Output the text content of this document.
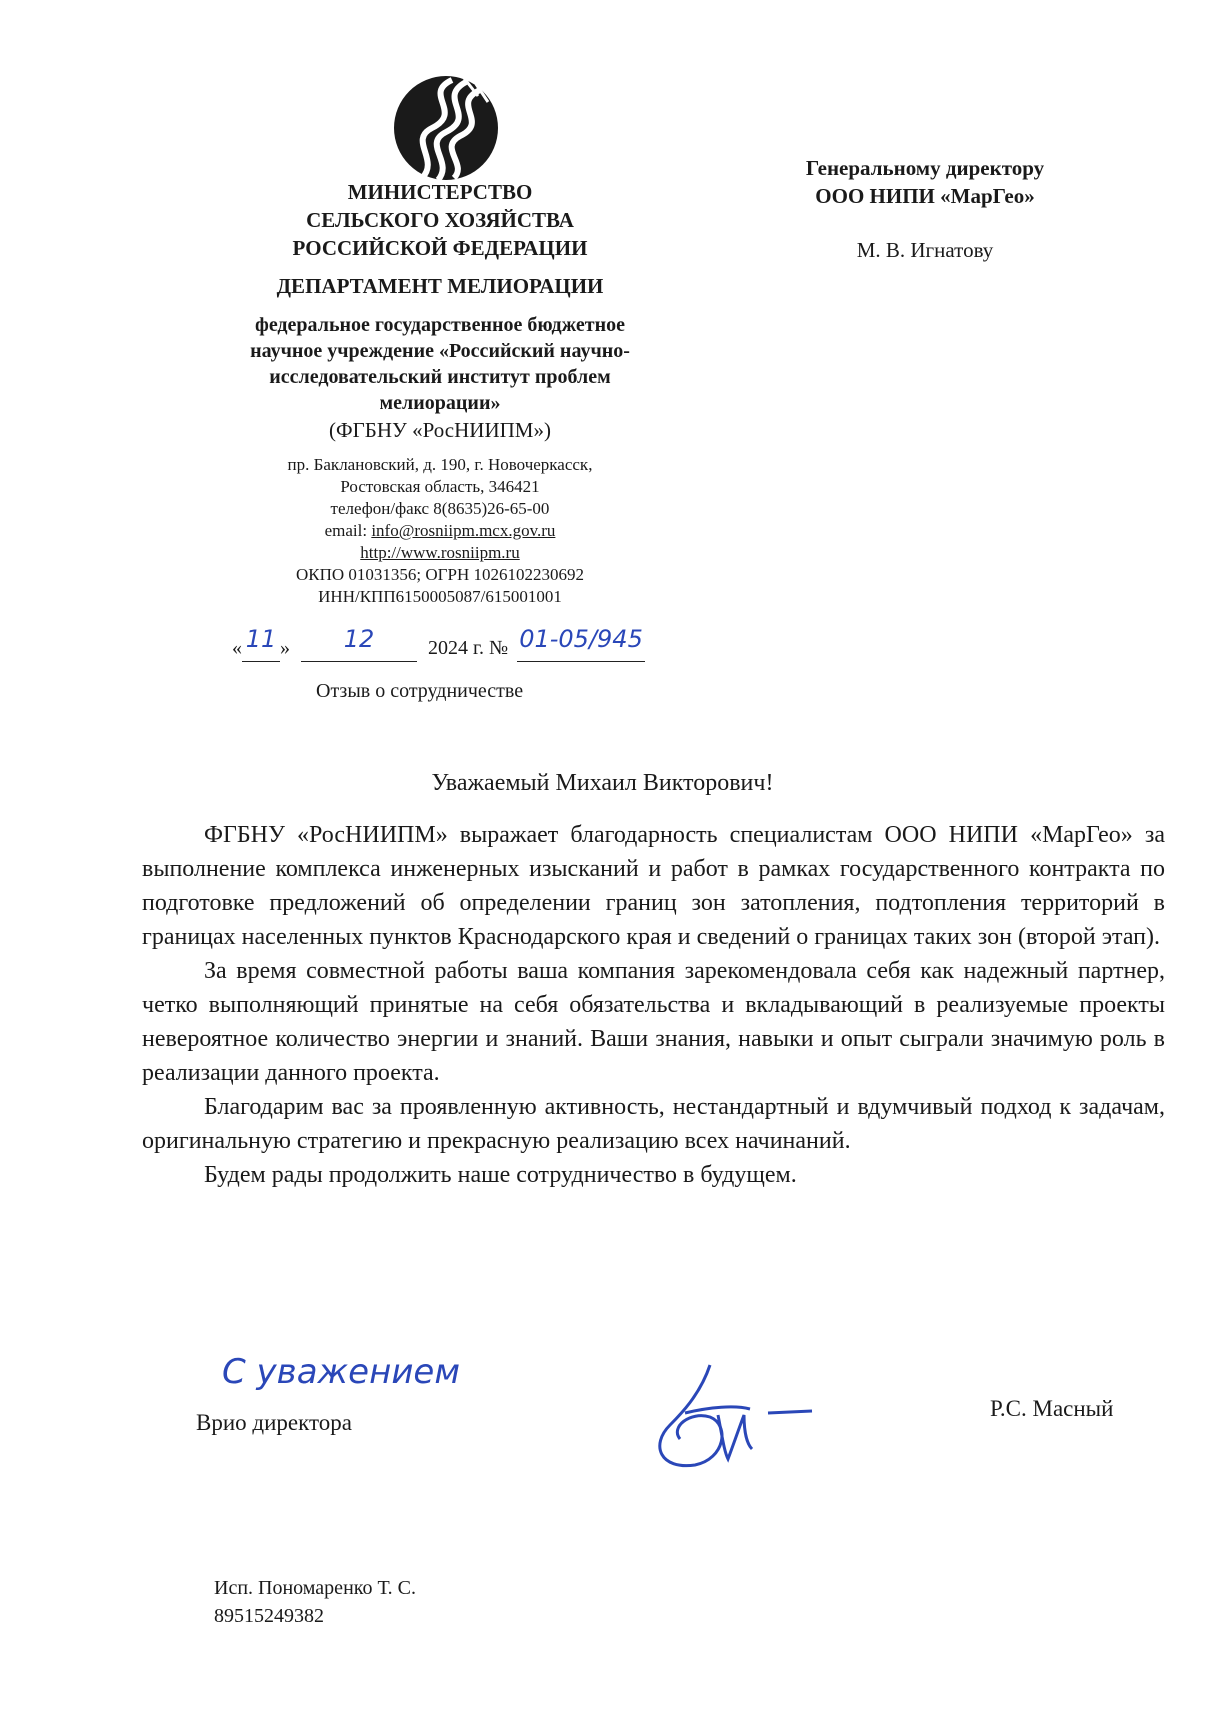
МИНИСТЕРСТВО
СЕЛЬСКОГО ХОЗЯЙСТВА
РОССИЙСКОЙ ФЕДЕРАЦИИ
ДЕПАРТАМЕНТ МЕЛИОРАЦИИ
федеральное государственное бюджетное
научное учреждение «Российский научно-
исследовательский институт проблем
мелиорации»
(ФГБНУ «РосНИИПМ»)
пр. Баклановский, д. 190, г. Новочеркасск,
Ростовская область, 346421
телефон/факс 8(8635)26-65-00
email: info@rosniipm.mcx.gov.ru
http://www.rosniipm.ru
ОКПО 01031356; ОГРН 1026102230692
ИНН/КПП6150005087/615001001
« 11 »	12	2024 г. № 01-05/945
Отзыв о сотрудничестве
Генеральному директору
ООО НИПИ «МарГео»
М. В. Игнатову
Уважаемый Михаил Викторович!

ФГБНУ «РосНИИПМ» выражает благодарность специалистам ООО НИПИ «МарГео» за выполнение комплекса инженерных изысканий и работ в рамках государственного контракта по подготовке предложений об определении границ зон затопления, подтопления территорий в границах населенных пунктов Краснодарского края и сведений о границах таких зон (второй этап).

За время совместной работы ваша компания зарекомендовала себя как надежный партнер, четко выполняющий принятые на себя обязательства и вкладывающий в реализуемые проекты невероятное количество энергии и знаний. Ваши знания, навыки и опыт сыграли значимую роль в реализации данного проекта.

Благодарим вас за проявленную активность, нестандартный и вдумчивый подход к задачам, оригинальную стратегию и прекрасную реализацию всех начинаний.

Будем рады продолжить наше сотрудничество в будущем.

С уважением
Врио директора
Р.С. Масный
Исп. Пономаренко Т. С.
89515249382
